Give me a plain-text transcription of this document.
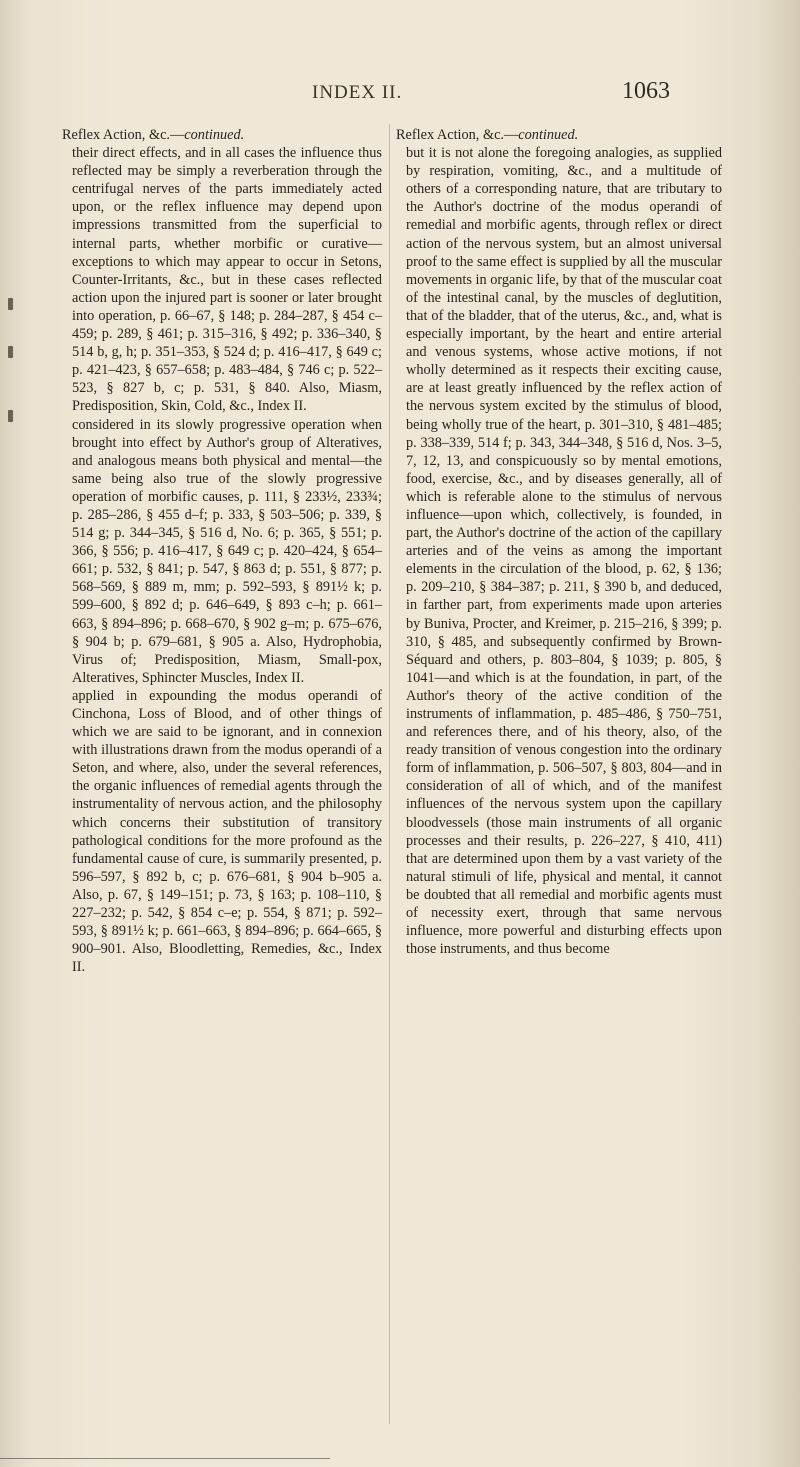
INDEX II.	1063
Reflex Action, &c.—continued.

their direct effects, and in all cases the influence thus reflected may be simply a reverberation through the centrifugal nerves of the parts immediately acted upon, or the reflex influence may depend upon impressions transmitted from the superficial to internal parts, whether morbific or curative—exceptions to which may appear to occur in Setons, Counter-Irritants, &c., but in these cases reflected action upon the injured part is sooner or later brought into operation, p. 66–67, § 148; p. 284–287, § 454 c–459; p. 289, § 461; p. 315–316, § 492; p. 336–340, § 514 b, g, h; p. 351–353, § 524 d; p. 416–417, § 649 c; p. 421–423, § 657–658; p. 483–484, § 746 c; p. 522–523, § 827 b, c; p. 531, § 840. Also, Miasm, Predisposition, Skin, Cold, &c., Index II.

considered in its slowly progressive operation when brought into effect by Author's group of Alteratives, and analogous means both physical and mental—the same being also true of the slowly progressive operation of morbific causes, p. 111, § 233½, 233¾; p. 285–286, § 455 d–f; p. 333, § 503–506; p. 339, § 514 g; p. 344–345, § 516 d, No. 6; p. 365, § 551; p. 366, § 556; p. 416–417, § 649 c; p. 420–424, § 654–661; p. 532, § 841; p. 547, § 863 d; p. 551, § 877; p. 568–569, § 889 m, mm; p. 592–593, § 891½ k; p. 599–600, § 892 d; p. 646–649, § 893 c–h; p. 661–663, § 894–896; p. 668–670, § 902 g–m; p. 675–676, § 904 b; p. 679–681, § 905 a. Also, Hydrophobia, Virus of; Predisposition, Miasm, Small-pox, Alteratives, Sphincter Muscles, Index II.

applied in expounding the modus operandi of Cinchona, Loss of Blood, and of other things of which we are said to be ignorant, and in connexion with illustrations drawn from the modus operandi of a Seton, and where, also, under the several references, the organic influences of remedial agents through the instrumentality of nervous action, and the philosophy which concerns their substitution of transitory pathological conditions for the more profound as the fundamental cause of cure, is summarily presented, p. 596–597, § 892 b, c; p. 676–681, § 904 b–905 a. Also, p. 67, § 149–151; p. 73, § 163; p. 108–110, § 227–232; p. 542, § 854 c–e; p. 554, § 871; p. 592–593, § 891½ k; p. 661–663, § 894–896; p. 664–665, § 900–901. Also, Bloodletting, Remedies, &c., Index II.

Reflex Action, &c.—continued.

but it is not alone the foregoing analogies, as supplied by respiration, vomiting, &c., and a multitude of others of a corresponding nature, that are tributary to the Author's doctrine of the modus operandi of remedial and morbific agents, through reflex or direct action of the nervous system, but an almost universal proof to the same effect is supplied by all the muscular movements in organic life, by that of the muscular coat of the intestinal canal, by the muscles of deglutition, that of the bladder, that of the uterus, &c., and, what is especially important, by the heart and entire arterial and venous systems, whose active motions, if not wholly determined as it respects their exciting cause, are at least greatly influenced by the reflex action of the nervous system excited by the stimulus of blood, being wholly true of the heart, p. 301–310, § 481–485; p. 338–339, 514 f; p. 343, 344–348, § 516 d, Nos. 3–5, 7, 12, 13, and conspicuously so by mental emotions, food, exercise, &c., and by diseases generally, all of which is referable alone to the stimulus of nervous influence—upon which, collectively, is founded, in part, the Author's doctrine of the action of the capillary arteries and of the veins as among the important elements in the circulation of the blood, p. 62, § 136; p. 209–210, § 384–387; p. 211, § 390 b, and deduced, in farther part, from experiments made upon arteries by Buniva, Procter, and Kreimer, p. 215–216, § 399; p. 310, § 485, and subsequently confirmed by Brown-Séquard and others, p. 803–804, § 1039; p. 805, § 1041—and which is at the foundation, in part, of the Author's theory of the active condition of the instruments of inflammation, p. 485–486, § 750–751, and references there, and of his theory, also, of the ready transition of venous congestion into the ordinary form of inflammation, p. 506–507, § 803, 804—and in consideration of all of which, and of the manifest influences of the nervous system upon the capillary bloodvessels (those main instruments of all organic processes and their results, p. 226–227, § 410, 411) that are determined upon them by a vast variety of the natural stimuli of life, physical and mental, it cannot be doubted that all remedial and morbific agents must of necessity exert, through that same nervous influence, more powerful and disturbing effects upon those instruments, and thus become
